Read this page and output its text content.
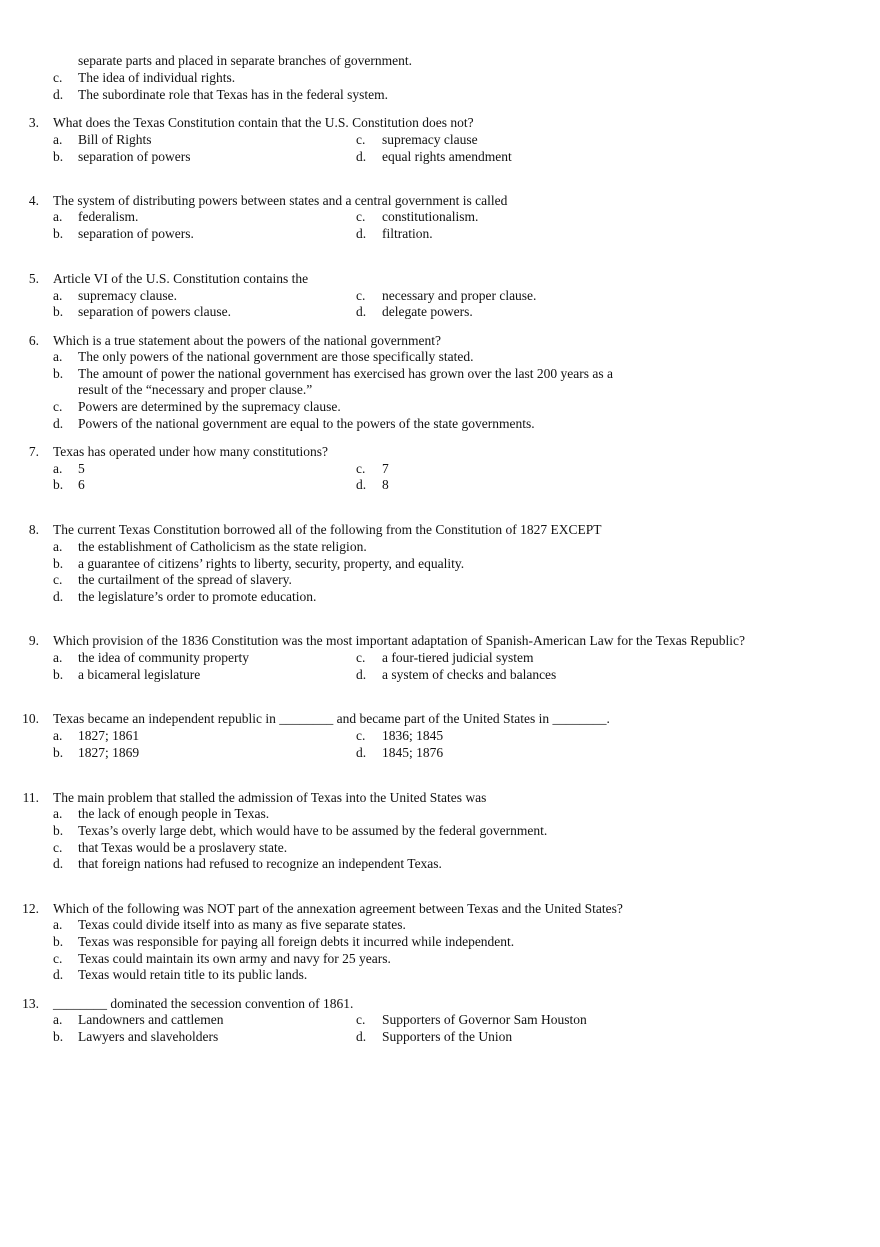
separate parts and placed in separate branches of government.
c. The idea of individual rights.
d. The subordinate role that Texas has in the federal system.
3. What does the Texas Constitution contain that the U.S. Constitution does not?
a. Bill of Rights	c. supremacy clause
b. separation of powers	d. equal rights amendment
4. The system of distributing powers between states and a central government is called
a. federalism.	c. constitutionalism.
b. separation of powers.	d. filtration.
5. Article VI of the U.S. Constitution contains the
a. supremacy clause.	c. necessary and proper clause.
b. separation of powers clause.	d. delegate powers.
6. Which is a true statement about the powers of the national government?
a. The only powers of the national government are those specifically stated.
b. The amount of power the national government has exercised has grown over the last 200 years as a
result of the “necessary and proper clause.”
c. Powers are determined by the supremacy clause.
d. Powers of the national government are equal to the powers of the state governments.
7. Texas has operated under how many constitutions?
a. 5	c. 7
b. 6	d. 8
8. The current Texas Constitution borrowed all of the following from the Constitution of 1827 EXCEPT
a. the establishment of Catholicism as the state religion.
b. a guarantee of citizens’ rights to liberty, security, property, and equality.
c. the curtailment of the spread of slavery.
d. the legislature’s order to promote education.
9. Which provision of the 1836 Constitution was the most important adaptation of Spanish-American Law for the Texas Republic?
a. the idea of community property	c. a four-tiered judicial system
b. a bicameral legislature	d. a system of checks and balances
10. Texas became an independent republic in ________ and became part of the United States in ________.
a. 1827; 1861	c. 1836; 1845
b. 1827; 1869	d. 1845; 1876
11. The main problem that stalled the admission of Texas into the United States was
a. the lack of enough people in Texas.
b. Texas’s overly large debt, which would have to be assumed by the federal government.
c. that Texas would be a proslavery state.
d. that foreign nations had refused to recognize an independent Texas.
12. Which of the following was NOT part of the annexation agreement between Texas and the United States?
a. Texas could divide itself into as many as five separate states.
b. Texas was responsible for paying all foreign debts it incurred while independent.
c. Texas could maintain its own army and navy for 25 years.
d. Texas would retain title to its public lands.
13. ________ dominated the secession convention of 1861.
a. Landowners and cattlemen	c. Supporters of Governor Sam Houston
b. Lawyers and slaveholders	d. Supporters of the Union
